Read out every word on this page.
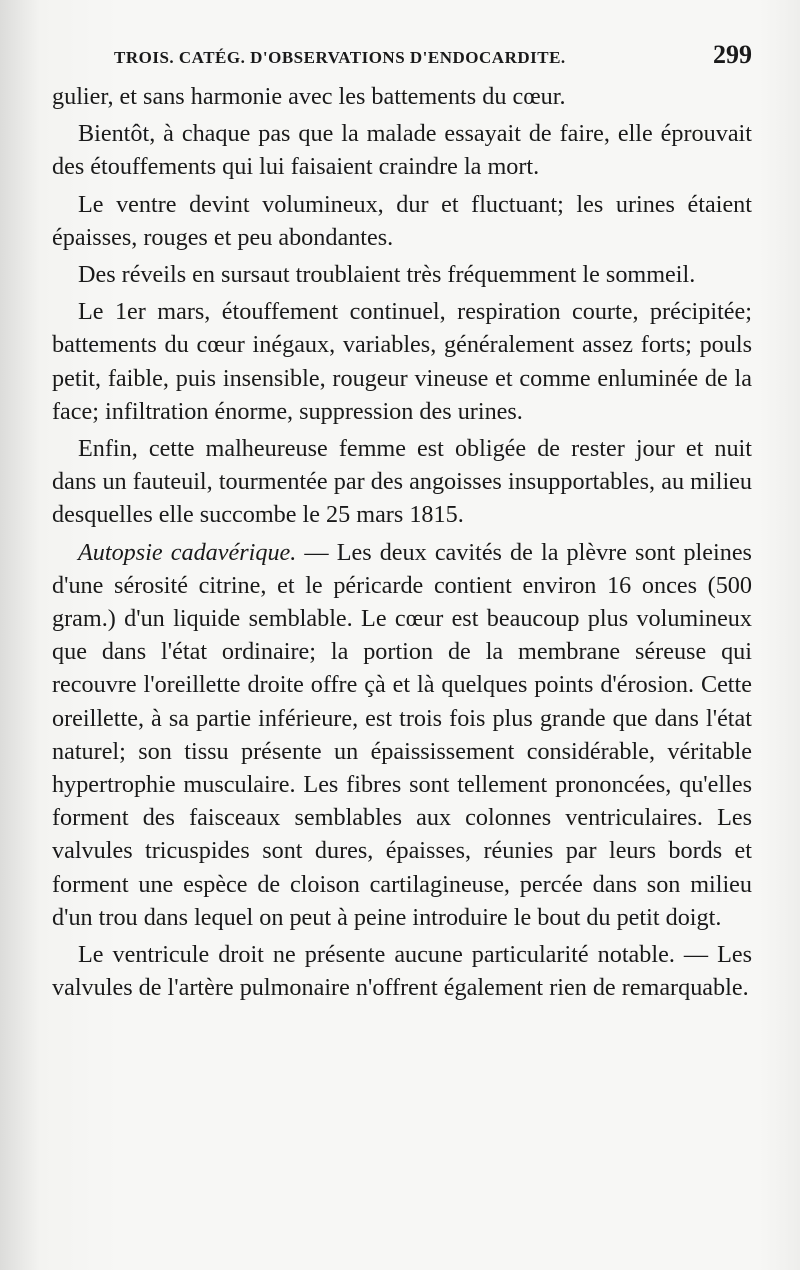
TROIS. CATÉG. D'OBSERVATIONS D'ENDOCARDITE.	299

gulier, et sans harmonie avec les battements du cœur.

Bientôt, à chaque pas que la malade essayait de faire, elle éprouvait des étouffements qui lui faisaient craindre la mort.

Le ventre devint volumineux, dur et fluctuant; les urines étaient épaisses, rouges et peu abondantes.

Des réveils en sursaut troublaient très fréquemment le sommeil.

Le 1er mars, étouffement continuel, respiration courte, précipitée; battements du cœur inégaux, variables, généralement assez forts; pouls petit, faible, puis insensible, rougeur vineuse et comme enluminée de la face; infiltration énorme, suppression des urines.

Enfin, cette malheureuse femme est obligée de rester jour et nuit dans un fauteuil, tourmentée par des angoisses insupportables, au milieu desquelles elle succombe le 25 mars 1815.

Autopsie cadavérique. — Les deux cavités de la plèvre sont pleines d'une sérosité citrine, et le péricarde contient environ 16 onces (500 gram.) d'un liquide semblable. Le cœur est beaucoup plus volumineux que dans l'état ordinaire; la portion de la membrane séreuse qui recouvre l'oreillette droite offre çà et là quelques points d'érosion. Cette oreillette, à sa partie inférieure, est trois fois plus grande que dans l'état naturel; son tissu présente un épaississement considérable, véritable hypertrophie musculaire. Les fibres sont tellement prononcées, qu'elles forment des faisceaux semblables aux colonnes ventriculaires. Les valvules tricuspides sont dures, épaisses, réunies par leurs bords et forment une espèce de cloison cartilagineuse, percée dans son milieu d'un trou dans lequel on peut à peine introduire le bout du petit doigt.

Le ventricule droit ne présente aucune particularité notable. — Les valvules de l'artère pulmonaire n'offrent également rien de remarquable.
